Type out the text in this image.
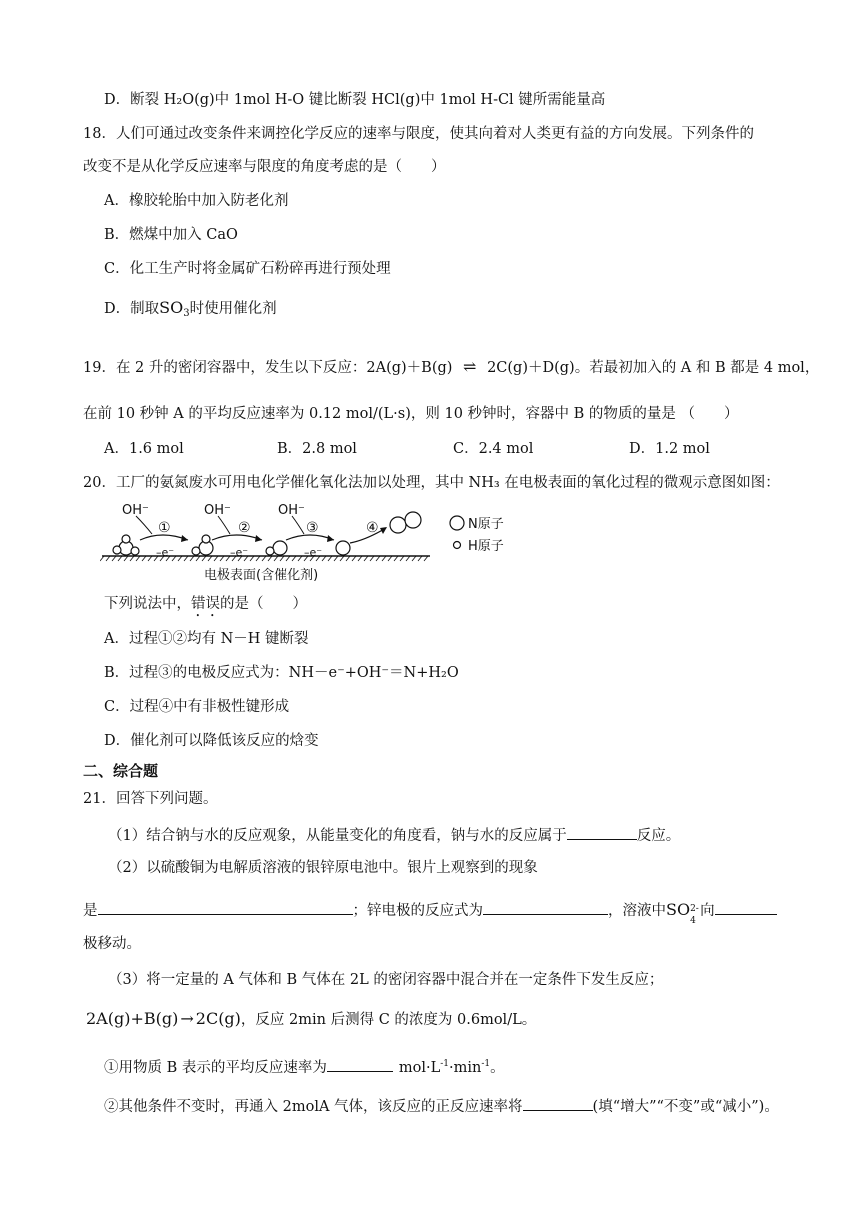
D．断裂 H₂O(g)中 1mol H-O 键比断裂 HCl(g)中 1mol H-Cl 键所需能量高
18．人们可通过改变条件来调控化学反应的速率与限度，使其向着对人类更有益的方向发展。下列条件的
改变不是从化学反应速率与限度的角度考虑的是（　　）
A．橡胶轮胎中加入防老化剂
B．燃煤中加入 CaO
C．化工生产时将金属矿石粉碎再进行预处理
D．制取$SO_3$时使用催化剂
19．在 2 升的密闭容器中，发生以下反应：2A(g)＋B(g) ⇌ 2C(g)＋D(g)。若最初加入的 A 和 B 都是 4 mol，
在前 10 秒钟 A 的平均反应速率为 0.12 mol/(L·s)，则 10 秒钟时，容器中 B 的物质的量是 （　　）
A．1.6 mol	B．2.8 mol	C．2.4 mol	D．1.2 mol
20．工厂的氨氮废水可用电化学催化氧化法加以处理，其中 NH₃ 在电极表面的氧化过程的微观示意图如图：
OH⁻	OH⁻	OH⁻
①	②	③	④
–e⁻	–e⁻	–e⁻
N原子
H原子
电极表面(含催化剂)
下列说法中，错误的是（　　）
A．过程①②均有 N－H 键断裂
B．过程③的电极反应式为：NH－e⁻+OH⁻＝N+H₂O
C．过程④中有非极性键形成
D．催化剂可以降低该反应的焓变
二、综合题
21．回答下列问题。
（1）结合钠与水的反应观象，从能量变化的角度看，钠与水的反应属于	反应。
（2）以硫酸铜为电解质溶液的银锌原电池中。银片上观察到的现象
是	；锌电极的反应式为	，溶液中SO 2-
4
向
极移动。
（3）将一定量的 A 气体和 B 气体在 2L 的密闭容器中混合并在一定条件下发生反应；
2A(g)+B(g) → 2C(g)，反应 2min 后测得 C 的浓度为 0.6mol/L。
①用物质 B 表示的平均反应速率为	$mol\cdot L^{-1}\cdot\min^{-1}$。
②其他条件不变时，再通入 2molA 气体，该反应的正反应速率将	(填“增大”“不变”或“减小”)。
